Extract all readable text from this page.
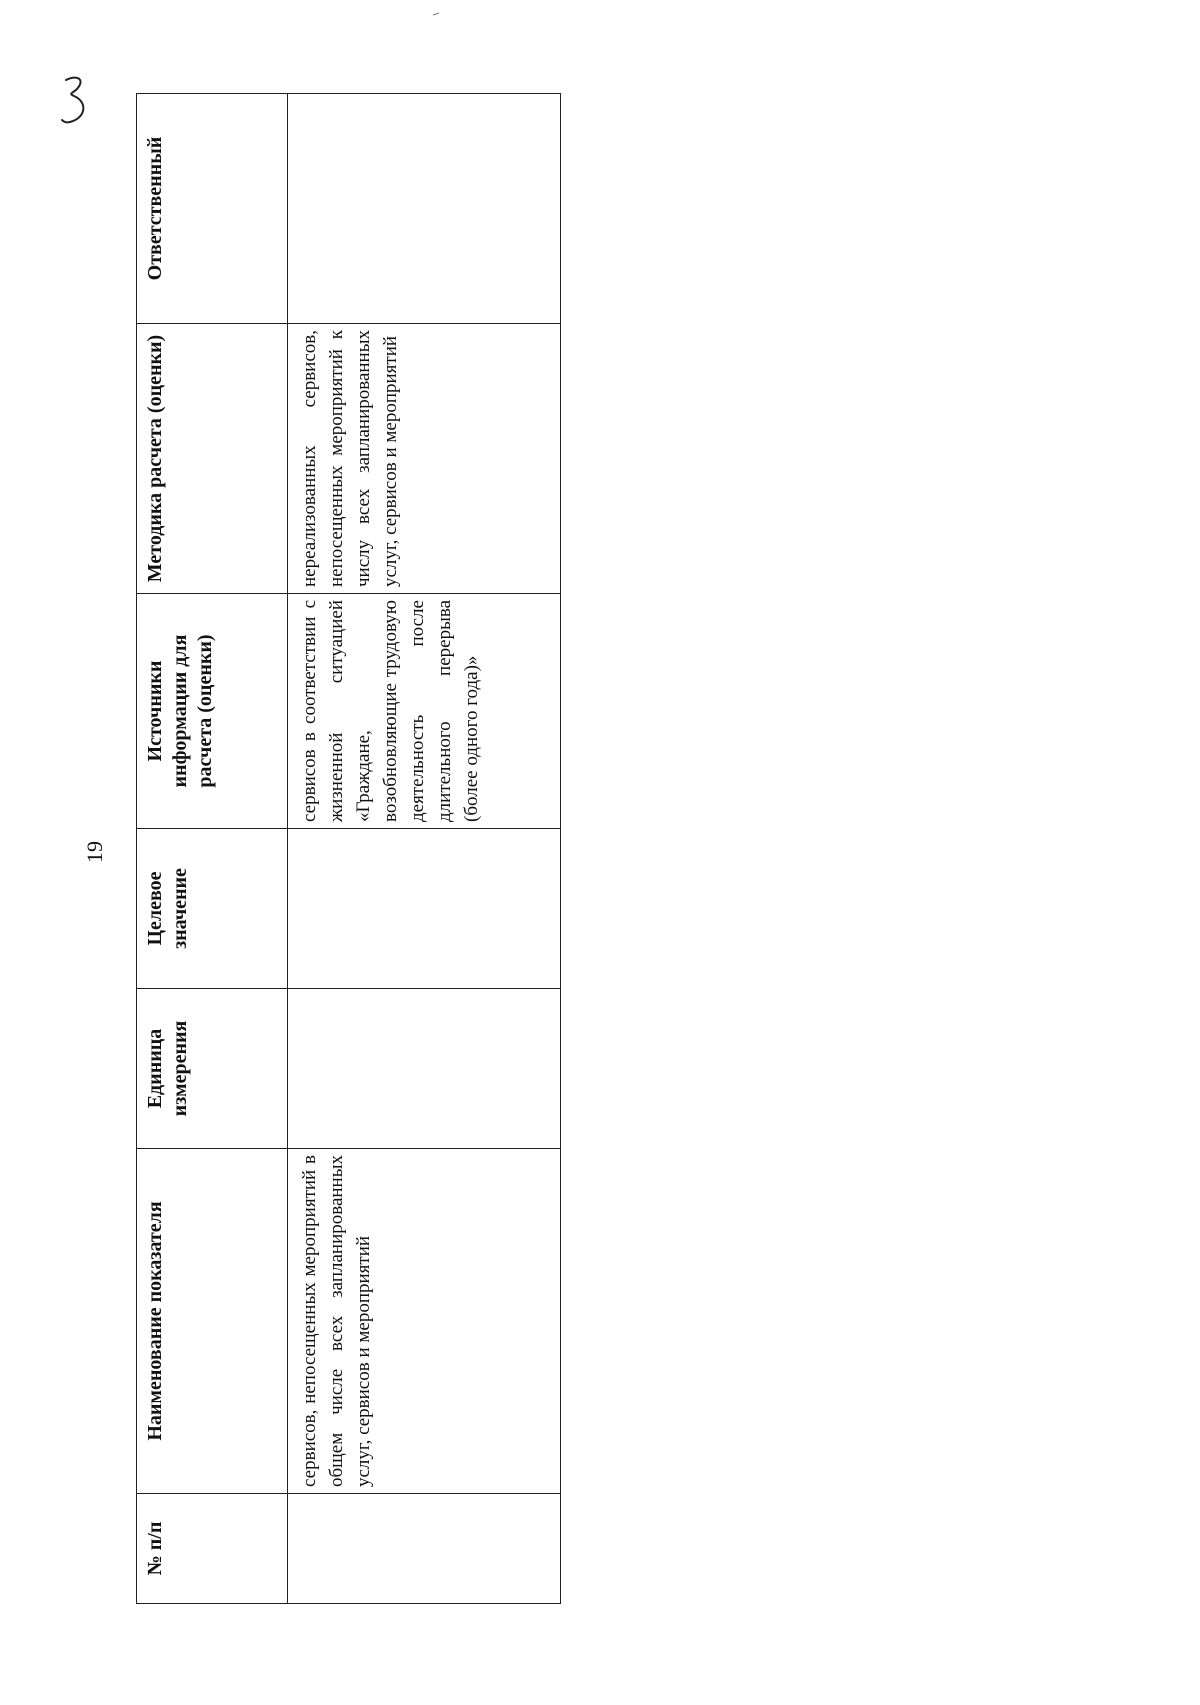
19
№ п/п	Наименование показателя	Единица измерения	Целевое значение	Источники информации для расчета (оценки)	Методика расчета (оценки)	Ответственный

	сервисов, непосещенных мероприятий в общем числе всех запланированных услуг, сервисов и мероприятий			сервисов в соответствии с жизненной ситуацией «Граждане, возобновляющие трудовую деятельность после длительного перерыва (более одного года)»	нереализованных сервисов, непосещенных мероприятий к числу всех запланированных услуг, сервисов и мероприятий	
